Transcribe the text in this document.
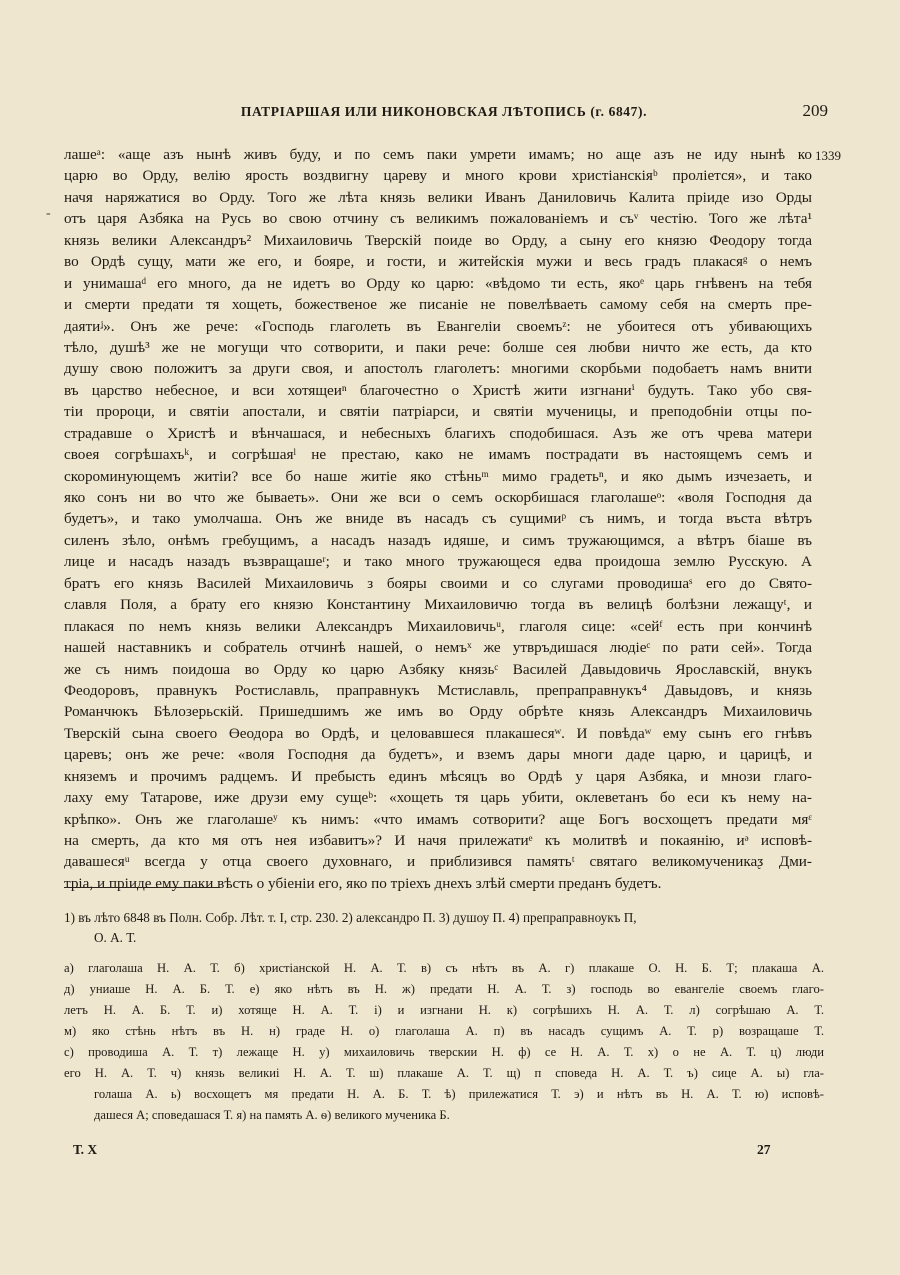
ПАТРІАРШАЯ ИЛИ НИКОНОВСКАЯ ЛѢТОПИСЬ (г. 6847).	209
1339
-
лашеᵃ: «аще азъ нынѣ живъ буду, и по семъ паки умрети имамъ; но аще азъ не иду нынѣ ко
царю во Орду, велію ярость воздвигну цареву и много крови христіанскіяᵇ проліется», и тако
начя наряжатися во Орду. Того же лѣта князь велики Иванъ Даниловичь Калита пріиде изо Орды
отъ царя Азбяка на Русь во свою отчину съ великимъ пожалованіемъ и съᵛ честію. Того же лѣта¹
князь велики Александръ² Михаиловичь Тверскій поиде во Орду, а сыну его князю Феодору тогда
во Ордѣ сущу, мати же его, и бояре, и гости, и житейскія мужи и весь градъ плакасяᵍ о немъ
и унимашаᵈ его много, да не идетъ во Орду ко царю: «вѣдомо ти есть, якоᵉ царь гнѣвенъ на тебя
и смерти предати тя хощеть, божественое же писаніе не повелѣваеть самому себя на смерть пре-
даятиᶨ». Онъ же рече: «Господь глаголеть въ Евангеліи своемъᶻ: не убоитеся отъ убивающихъ
тѣло, душѣ³ же не могущи что сотворити, и паки рече: болше сея любви ничто же есть, да кто
душу свою положитъ за други своя, и апостолъ глаголетъ: многими скорбьми подобаетъ намъ внити
въ царство небесное, и вси хотящеиⁿ благочестно о Христѣ жити изгнаниⁱ будуть. Тако убо свя-
тіи пророци, и святіи апостали, и святіи патріарси, и святіи мученицы, и преподобніи отцы по-
страдавше о Христѣ и вѣнчашася, и небесныхъ благихъ сподобишася. Азъ же отъ чрева матери
своея согрѣшахъᵏ, и согрѣшаяˡ не престаю, како не имамъ пострадати въ настоящемъ семъ и
скороминующемъ житіи? все бо наше житіе яко стѣньᵐ мимо градетьⁿ, и яко дымъ изчезаеть, и
яко сонъ ни во что же бываеть». Они же вси о семъ оскорбишася глаголашеᵒ: «воля Господня да
будетъ», и тако умолчаша. Онъ же вниде въ насадъ съ сущимиᵖ съ нимъ, и тогда въста вѣтръ
силенъ зѣло, онѣмъ гребущимъ, а насадъ назадъ идяше, и симъ тружающимся, а вѣтръ біаше въ
лице и насадъ назадъ възвращашеʳ; и тако много тружающеся едва проидоша землю Русскую. А
братъ его князь Василей Михаиловичь з бояры своими и со слугами проводишаˢ его до Свято-
славля Поля, а брату его князю Константину Михаиловичю тогда въ велицѣ болѣзни лежащуᵗ, и
плакася по немъ князь велики Александръ Михаиловичьᵘ, глаголя сице: «сейᶠ есть при кончинѣ
нашей наставникъ и собратель отчинѣ нашей, о немъˣ же утвръдишася людіеᶜ по рати сей». Тогда
же съ нимъ поидоша во Орду ко царю Азбяку князьᶜ Василей Давыдовичь Ярославскій, внукъ
Феодоровъ, правнукъ Ростиславль, праправнукъ Мстиславль, препраправнукъ⁴ Давыдовъ, и князь
Романчюкъ Бѣлозерьскій. Пришедшимъ же имъ во Орду обрѣте князь Александръ Михаиловичь
Тверскій сына своего Өеодора во Ордѣ, и целовавшеся плакашесяʷ. И повѣдаʷ ему сынъ его гнѣвъ
царевъ; онъ же рече: «воля Господня да будетъ», и вземъ дары многи даде царю, и царицѣ, и
княземъ и прочимъ радцемъ. И пребысть единъ мѣсяцъ во Ордѣ у царя Азбяка, и мнози глаго-
лаху ему Татарове, иже друзи ему сущеᵇ: «хощеть тя царь убити, оклеветанъ бо еси къ нему на-
крѣпко». Онъ же глаголашеʸ къ нимъ: «что имамъ сотворити? аще Богъ восхощетъ предати мяᵋ
на смерть, да кто мя отъ нея избавитъ»? И начя прилежатиᵉ къ молитвѣ и покаянію, иᵊ исповѣ-
давашесяᵘ всегда у отца своего духовнаго, и приблизився памятьᵗ святаго великомученикаᶚ Дми-
тріа, и пріиде ему паки вѣсть о убіеніи его, яко по тріехъ днехъ злѣй смерти преданъ будетъ.
1) въ лѣто 6848 въ Полн. Собр. Лѣт. т. I, стр. 230. 2) александро П. 3) душоу П. 4) препраправноукъ П,
О. А. Т.
а) глаголаша Н. А. Т. б) христіанской Н. А. Т. в) съ нѣтъ въ А. г) плакаше О. Н. Б. Т; плакаша А.
д) униаше Н. А. Б. Т. е) яко нѣтъ въ Н. ж) предати Н. А. Т. з) господь во евангеліе своемъ глаго-
летъ Н. А. Б. Т. и) хотяще Н. А. Т. і) и изгнани Н. к) согрѣшихъ Н. А. Т. л) согрѣшаю А. Т.
м) яко стѣнь нѣтъ въ Н. н) граде Н. о) глаголаша А. п) въ насадъ сущимъ А. Т. р) возращаше Т.
с) проводиша А. Т. т) лежаще Н. у) михаиловичь тверскии Н. ф) се Н. А. Т. х) о не А. Т. ц) люди
его Н. А. Т. ч) князь великиі Н. А. Т. ш) плакаше А. Т. щ) п споведа Н. А. Т. ъ) сице А. ы) гла-
голаша А. ь) восхощетъ мя предати Н. А. Б. Т. ѣ) прилежатися Т. э) и нѣтъ въ Н. А. Т. ю) исповѣ-
дашеся А; споведашася Т. я) на память А. ѳ) великого мученика Б.
Т. X	27
